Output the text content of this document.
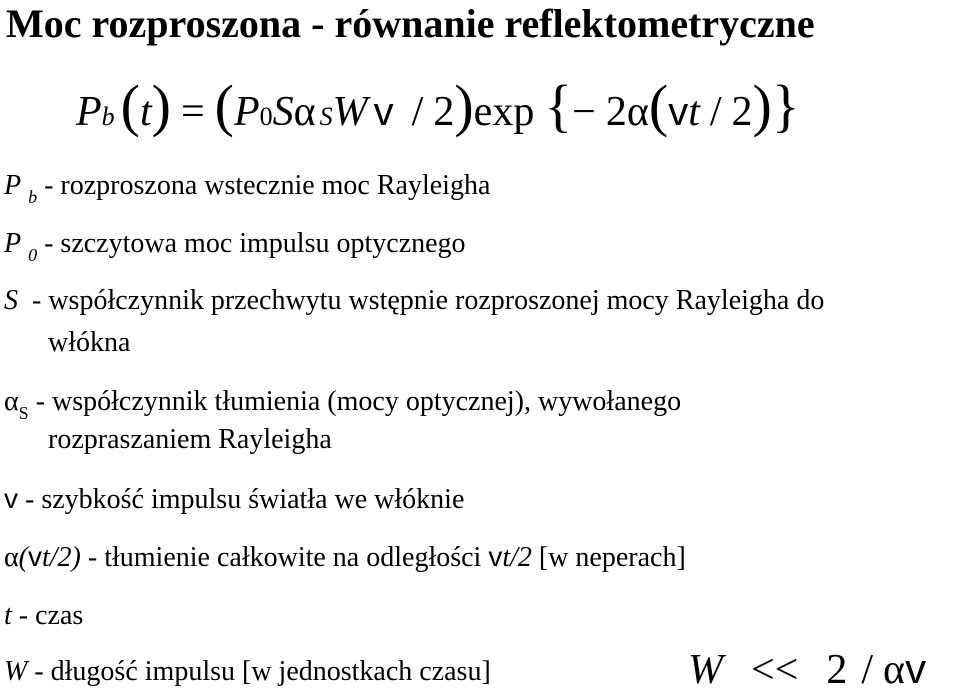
Moc rozproszona - równanie reflektometryczne
P b ( t ) = ( P 0 S α S W v / 2 ) exp { − 2 α ( v t / 2 ) }
P $_b$ - rozproszona wstecznie moc Rayleigha
P $_0$ - szczytowa moc impulsu optycznego
S  - współczynnik przechwytu wstępnie rozproszonej mocy Rayleigha do
włókna
$\alpha_S$ - współczynnik tłumienia (mocy optycznej), wywołanego
rozpraszaniem Rayleigha
v - szybkość impulsu światła we włóknie
α(vt/2) - tłumienie całkowite na odległości vt/2 [w neperach]
t - czas
W - długość impulsu [w jednostkach czasu]	W << 2 / αv
